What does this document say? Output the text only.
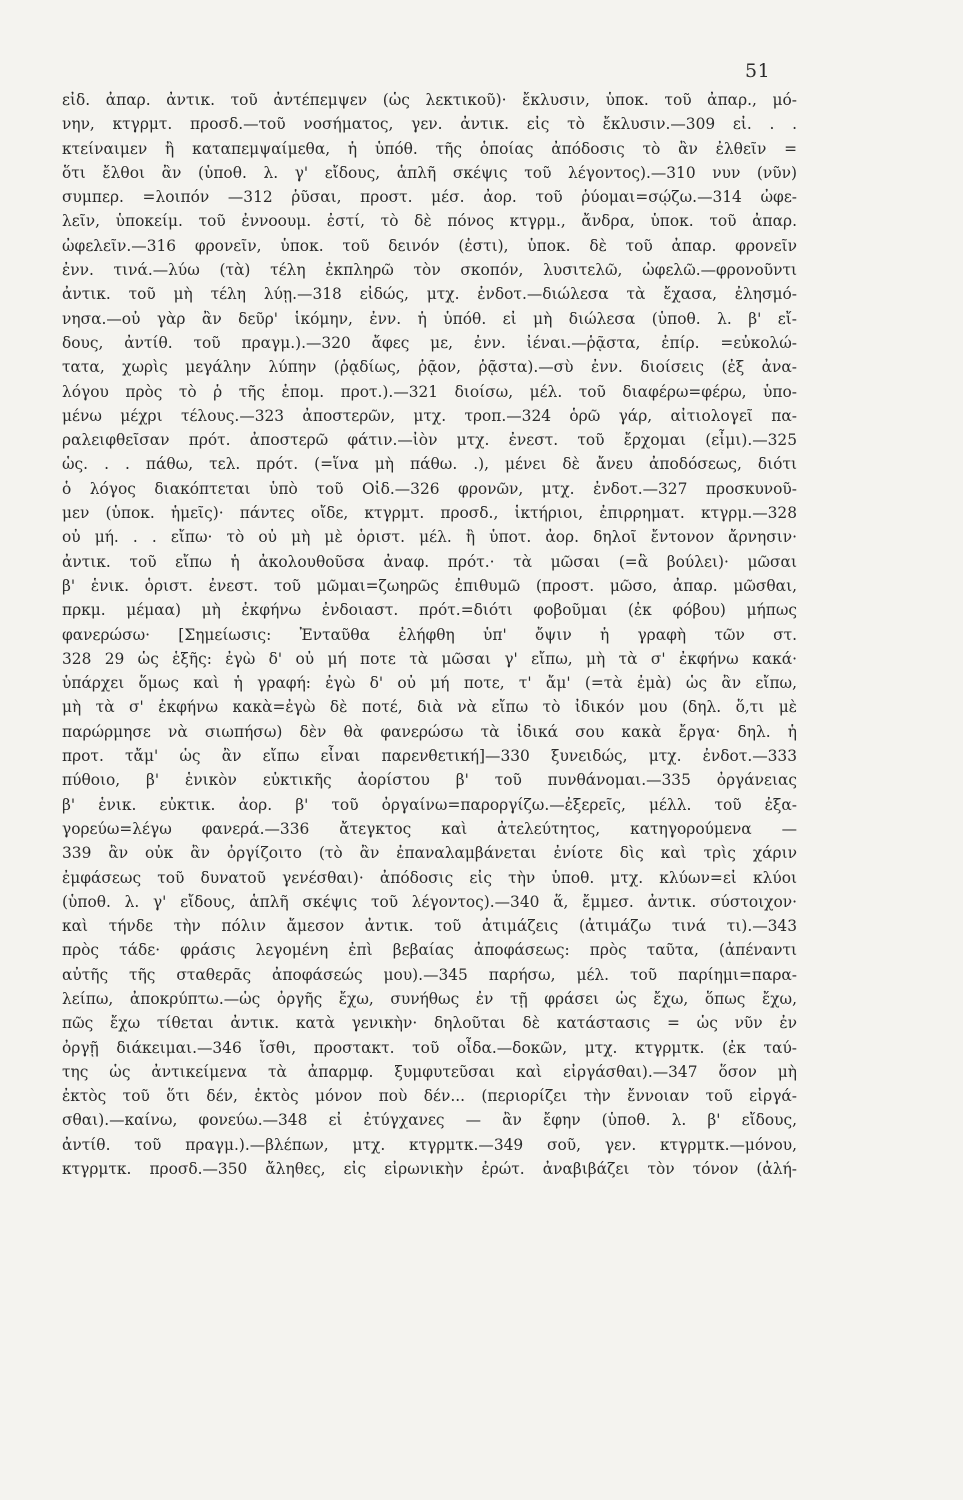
51
εἰδ. ἀπαρ. ἀντικ. τοῦ ἀντέπεμψεν (ὡς λεκτικοῦ)· ἔκλυσιν, ὑποκ. τοῦ ἀπαρ., μό-
νην, κτγρμτ. προσδ.—τοῦ νοσήματος, γεν. ἀντικ. εἰς τὸ ἔκλυσιν.—309 εἰ. . .
κτείναιμεν ἢ καταπεμψαίμεθα, ἡ ὑπόθ. τῆς ὁποίας ἀπόδοσις τὸ ἂν ἐλθεῖν =
ὅτι ἔλθοι ἂν (ὑποθ. λ. γ' εἴδους, ἁπλῆ σκέψις τοῦ λέγοντος).—310 νυν (νῦν)
συμπερ. =λοιπόν —312 ῥῦσαι, προστ. μέσ. ἀορ. τοῦ ῥύομαι=σῴζω.—314 ὠφε-
λεῖν, ὑποκείμ. τοῦ ἐννοουμ. ἐστί, τὸ δὲ πόνος κτγρμ., ἄνδρα, ὑποκ. τοῦ ἀπαρ.
ὠφελεῖν.—316 φρονεῖν, ὑποκ. τοῦ δεινόν (ἐστι), ὑποκ. δὲ τοῦ ἀπαρ. φρονεῖν
ἐνν. τινά.—λύω (τὰ) τέλη ἐκπληρῶ τὸν σκοπόν, λυσιτελῶ, ὠφελῶ.—φρονοῦντι
ἀντικ. τοῦ μὴ τέλη λύῃ.—318 εἰδώς, μτχ. ἐνδοτ.—διώλεσα τὰ ἔχασα, ἐλησμό-
νησα.—οὐ γὰρ ἂν δεῦρ' ἱκόμην, ἐνν. ἡ ὑπόθ. εἰ μὴ διώλεσα (ὑποθ. λ. β' εἴ-
δους, ἀντίθ. τοῦ πραγμ.).—320 ἄφες με, ἐνν. ἰέναι.—ῥᾷστα, ἐπίρ. =εὐκολώ-
τατα, χωρὶς μεγάλην λύπην (ῥᾳδίως, ῥᾷον, ῥᾷστα).—σὺ ἐνν. διοίσεις (ἐξ ἀνα-
λόγου πρὸς τὸ ῥ τῆς ἑπομ. προτ.).—321 διοίσω, μέλ. τοῦ διαφέρω=φέρω, ὑπο-
μένω μέχρι τέλους.—323 ἀποστερῶν, μτχ. τροπ.—324 ὁρῶ γάρ, αἰτιολογεῖ πα-
ραλειφθεῖσαν πρότ. ἀποστερῶ φάτιν.—ἰὸν μτχ. ἐνεστ. τοῦ ἔρχομαι (εἶμι).—325
ὡς. . . πάθω, τελ. πρότ. (=ἵνα μὴ πάθω. .), μένει δὲ ἄνευ ἀποδόσεως, διότι
ὁ λόγος διακόπτεται ὑπὸ τοῦ Οἰδ.—326 φρονῶν, μτχ. ἐνδοτ.—327 προσκυνοῦ-
μεν (ὑποκ. ἡμεῖς)· πάντες οἴδε, κτγρμτ. προσδ., ἱκτήριοι, ἐπιρρηματ. κτγρμ.—328
οὐ μή. . . εἴπω· τὸ οὐ μὴ μὲ ὁριστ. μέλ. ἢ ὑποτ. ἀορ. δηλοῖ ἔντονον ἄρνησιν·
ἀντικ. τοῦ εἴπω ἡ ἀκολουθοῦσα ἀναφ. πρότ.· τὰ μῶσαι (=ἃ βούλει)· μῶσαι
β' ἑνικ. ὁριστ. ἐνεστ. τοῦ μῶμαι=ζωηρῶς ἐπιθυμῶ (προστ. μῶσο, ἀπαρ. μῶσθαι,
πρκμ. μέμαα) μὴ ἐκφήνω ἐνδοιαστ. πρότ.=διότι φοβοῦμαι (ἐκ φόβου) μήπως
φανερώσω· [Σημείωσις: Ἐνταῦθα ἐλήφθη ὑπ' ὄψιν ἡ γραφὴ τῶν στ.
328 29 ὡς ἑξῆς: ἐγὼ δ' οὐ μή ποτε τὰ μῶσαι γ' εἴπω, μὴ τὰ σ' ἐκφήνω κακά·
ὑπάρχει ὅμως καὶ ἡ γραφή: ἐγὼ δ' οὐ μή ποτε, τ' ἄμ' (=τὰ ἐμὰ) ὡς ἂν εἴπω,
μὴ τὰ σ' ἐκφήνω κακὰ=ἐγὼ δὲ ποτέ, διὰ νὰ εἴπω τὸ ἰδικόν μου (δηλ. ὅ,τι μὲ
παρώρμησε νὰ σιωπήσω) δὲν θὰ φανερώσω τὰ ἰδικά σου κακὰ ἔργα· δηλ. ἡ
προτ. τἄμ' ὡς ἂν εἴπω εἶναι παρενθετική]—330 ξυνειδώς, μτχ. ἐνδοτ.—333
πύθοιο, β' ἑνικὸν εὐκτικῆς ἀορίστου β' τοῦ πυνθάνομαι.—335 ὀργάνειας
β' ἑνικ. εὐκτικ. ἀορ. β' τοῦ ὀργαίνω=παροργίζω.—ἐξερεῖς, μέλλ. τοῦ ἐξα-
γορεύω=λέγω φανερά.—336 ἄτεγκτος καὶ ἀτελεύτητος, κατηγορούμενα —
339 ἂν οὐκ ἂν ὀργίζοιτο (τὸ ἂν ἐπαναλαμβάνεται ἐνίοτε δὶς καὶ τρὶς χάριν
ἐμφάσεως τοῦ δυνατοῦ γενέσθαι)· ἀπόδοσις εἰς τὴν ὑποθ. μτχ. κλύων=εἰ κλύοι
(ὑποθ. λ. γ' εἴδους, ἁπλῆ σκέψις τοῦ λέγοντος).—340 ἅ, ἔμμεσ. ἀντικ. σύστοιχον·
καὶ τήνδε τὴν πόλιν ἄμεσον ἀντικ. τοῦ ἀτιμάζεις (ἀτιμάζω τινά τι).—343
πρὸς τάδε· φράσις λεγομένη ἐπὶ βεβαίας ἀποφάσεως: πρὸς ταῦτα, (ἀπέναντι
αὐτῆς τῆς σταθερᾶς ἀποφάσεώς μου).—345 παρήσω, μέλ. τοῦ παρίημι=παρα-
λείπω, ἀποκρύπτω.—ὡς ὀργῆς ἔχω, συνήθως ἐν τῇ φράσει ὡς ἔχω, ὅπως ἔχω,
πῶς ἔχω τίθεται ἀντικ. κατὰ γενικὴν· δηλοῦται δὲ κατάστασις = ὡς νῦν ἐν
ὀργῇ διάκειμαι.—346 ἴσθι, προστακτ. τοῦ οἶδα.—δοκῶν, μτχ. κτγρμτκ. (ἐκ ταύ-
της ὡς ἀντικείμενα τὰ ἀπαρμφ. ξυμφυτεῦσαι καὶ εἰργάσθαι).—347 ὅσον μὴ
ἐκτὸς τοῦ ὅτι δέν, ἐκτὸς μόνον ποὺ δέν... (περιορίζει τὴν ἔννοιαν τοῦ εἰργά-
σθαι).—καίνω, φονεύω.—348 εἰ ἐτύγχανες — ἂν ἔφην (ὑποθ. λ. β' εἴδους,
ἀντίθ. τοῦ πραγμ.).—βλέπων, μτχ. κτγρμτκ.—349 σοῦ, γεν. κτγρμτκ.—μόνου,
κτγρμτκ. προσδ.—350 ἄληθες, εἰς εἰρωνικὴν ἐρώτ. ἀναβιβάζει τὸν τόνον (ἀλή-
